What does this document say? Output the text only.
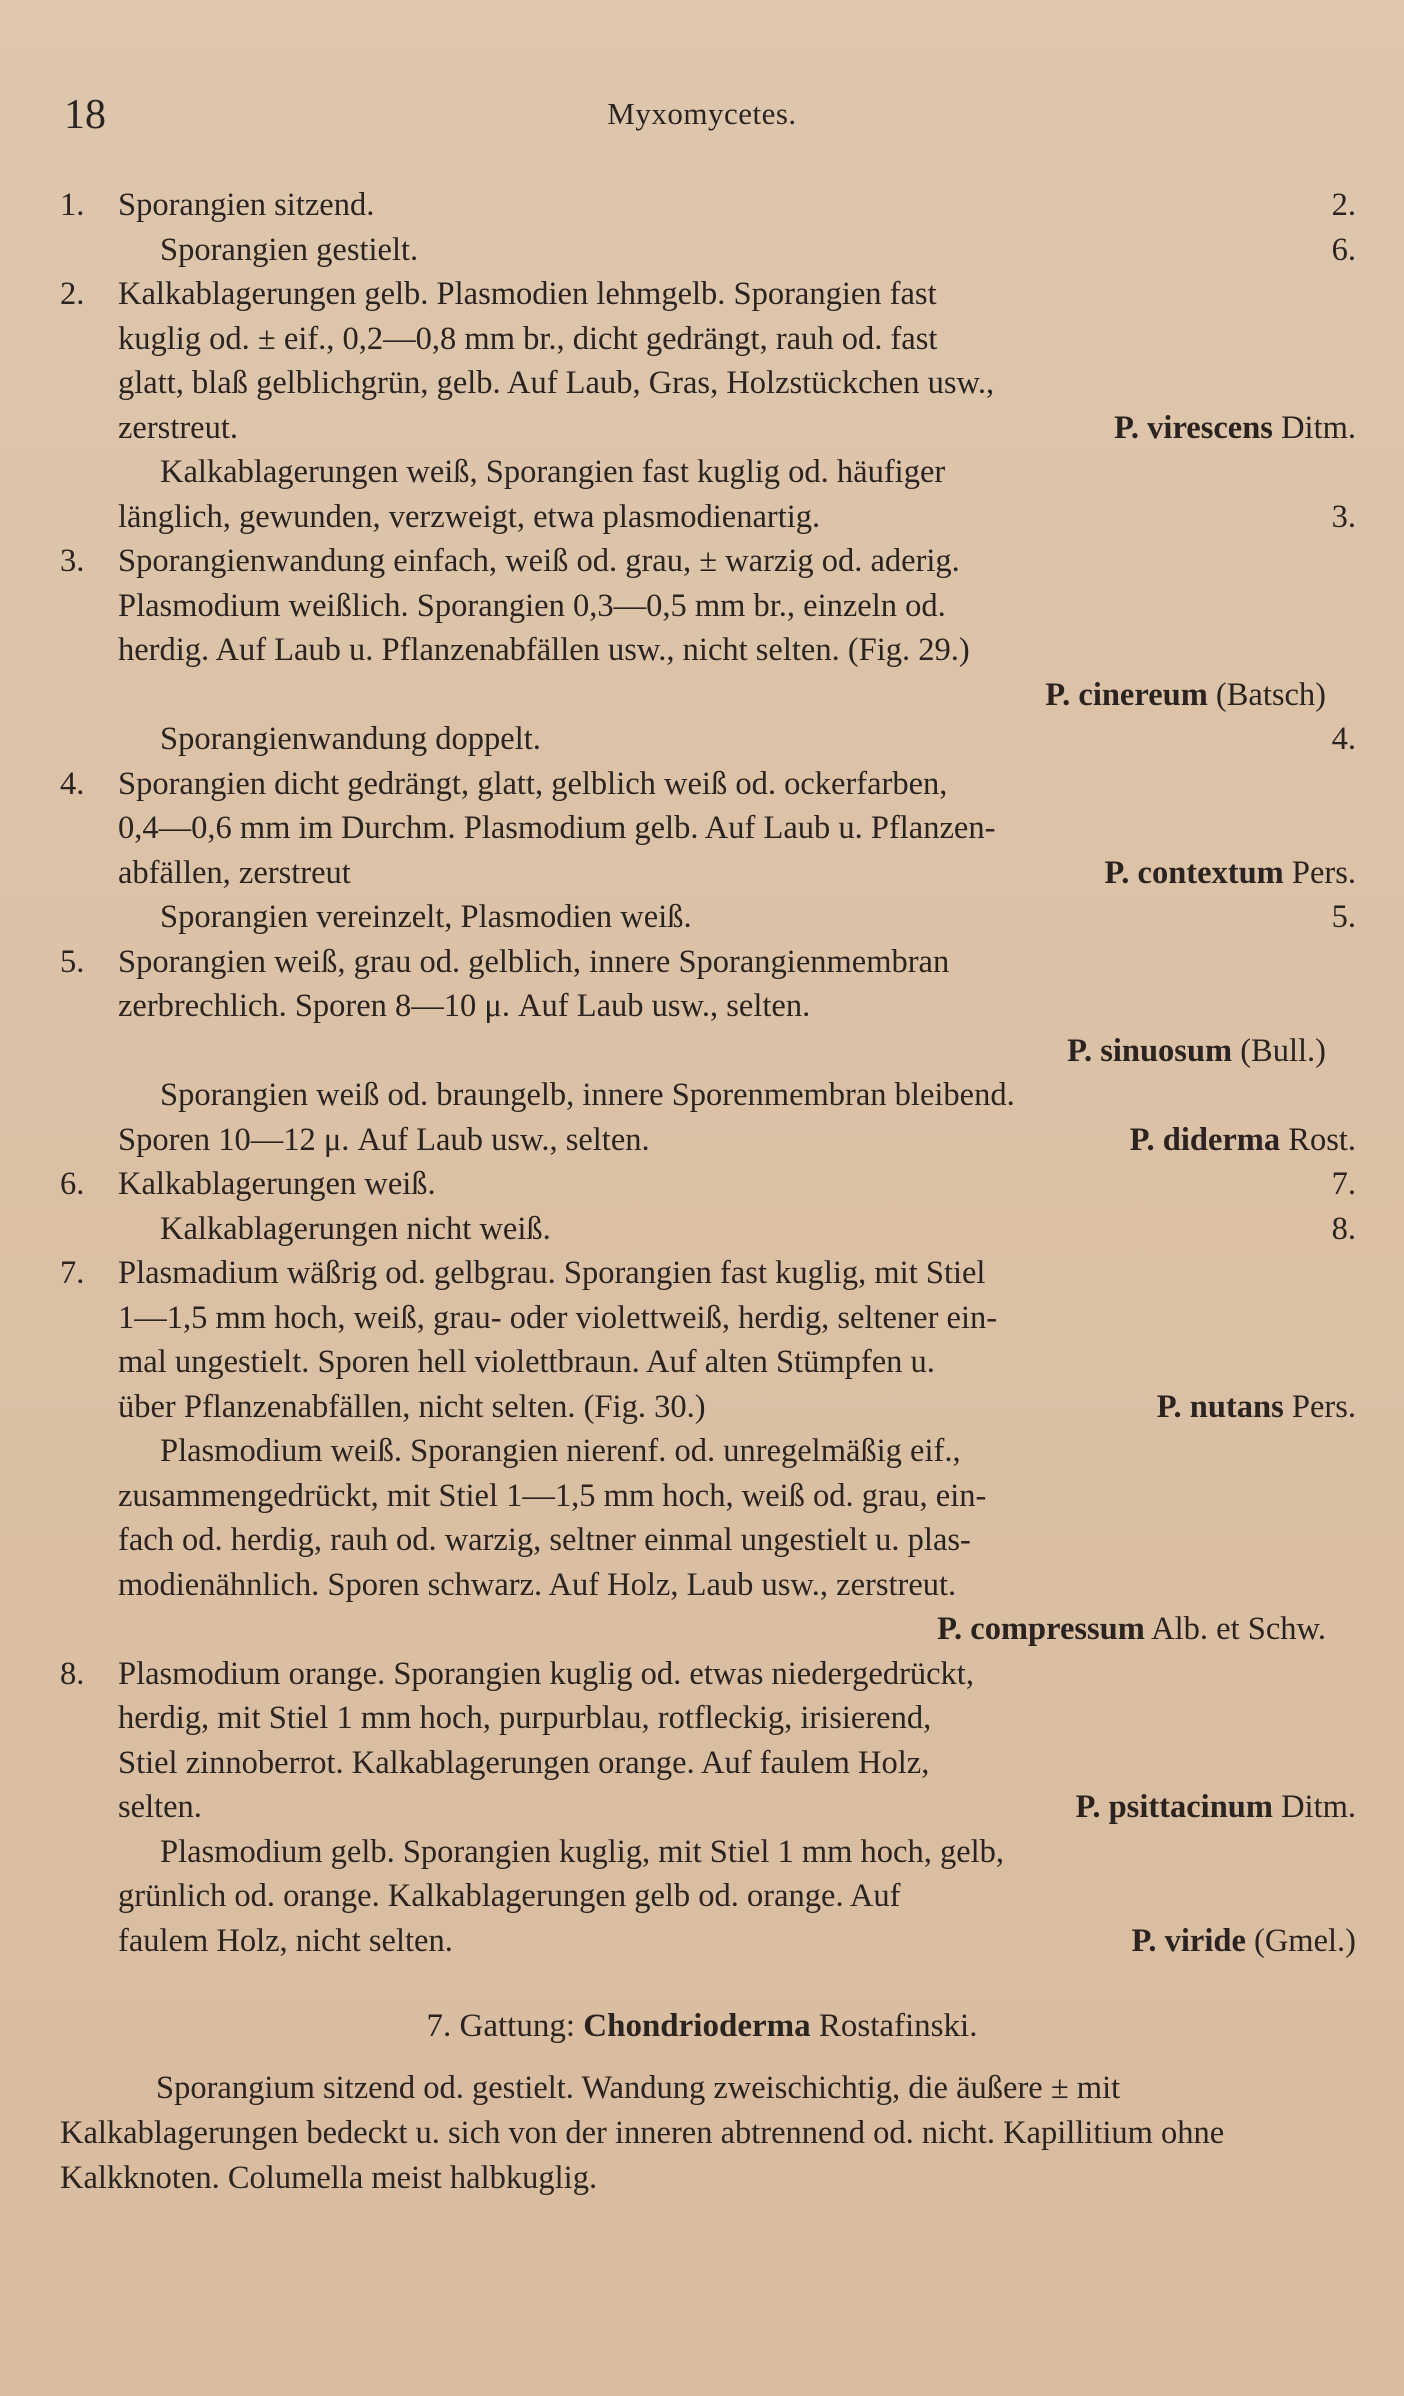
18	Myxomycetes.
1.	Sporangien sitzend.	2.
Sporangien gestielt.	6.
2.	Kalkablagerungen gelb. Plasmodien lehmgelb. Sporangien fast
kuglig od. ± eif., 0,2—0,8 mm br., dicht gedrängt, rauh od. fast
glatt, blaß gelblichgrün, gelb. Auf Laub, Gras, Holzstückchen usw.,
zerstreut.	P. virescens Ditm.
Kalkablagerungen weiß, Sporangien fast kuglig od. häufiger
länglich, gewunden, verzweigt, etwa plasmodienartig.	3.
3.	Sporangienwandung einfach, weiß od. grau, ± warzig od. aderig.
Plasmodium weißlich. Sporangien 0,3—0,5 mm br., einzeln od.
herdig. Auf Laub u. Pflanzenabfällen usw., nicht selten. (Fig. 29.)
P. cinereum (Batsch)
Sporangienwandung doppelt.	4.
4.	Sporangien dicht gedrängt, glatt, gelblich weiß od. ockerfarben,
0,4—0,6 mm im Durchm. Plasmodium gelb. Auf Laub u. Pflanzen-
abfällen, zerstreut	P. contextum Pers.
Sporangien vereinzelt, Plasmodien weiß.	5.
5.	Sporangien weiß, grau od. gelblich, innere Sporangienmembran
zerbrechlich. Sporen 8—10 μ. Auf Laub usw., selten.
P. sinuosum (Bull.)
Sporangien weiß od. braungelb, innere Sporenmembran bleibend.
Sporen 10—12 μ. Auf Laub usw., selten.	P. diderma Rost.
6.	Kalkablagerungen weiß.	7.
Kalkablagerungen nicht weiß.	8.
7.	Plasmadium wäßrig od. gelbgrau. Sporangien fast kuglig, mit Stiel
1—1,5 mm hoch, weiß, grau- oder violettweiß, herdig, seltener ein-
mal ungestielt. Sporen hell violettbraun. Auf alten Stümpfen u.
über Pflanzenabfällen, nicht selten. (Fig. 30.)	P. nutans Pers.
Plasmodium weiß. Sporangien nierenf. od. unregelmäßig eif.,
zusammengedrückt, mit Stiel 1—1,5 mm hoch, weiß od. grau, ein-
fach od. herdig, rauh od. warzig, seltner einmal ungestielt u. plas-
modienähnlich. Sporen schwarz. Auf Holz, Laub usw., zerstreut.
P. compressum Alb. et Schw.
8.	Plasmodium orange. Sporangien kuglig od. etwas niedergedrückt,
herdig, mit Stiel 1 mm hoch, purpurblau, rotfleckig, irisierend,
Stiel zinnoberrot. Kalkablagerungen orange. Auf faulem Holz,
selten.	P. psittacinum Ditm.
Plasmodium gelb. Sporangien kuglig, mit Stiel 1 mm hoch, gelb,
grünlich od. orange. Kalkablagerungen gelb od. orange. Auf
faulem Holz, nicht selten.	P. viride (Gmel.)
7. Gattung: Chondrioderma Rostafinski.
Sporangium sitzend od. gestielt. Wandung zweischichtig, die äußere ± mit Kalkablagerungen bedeckt u. sich von der inneren abtrennend od. nicht. Kapillitium ohne Kalkknoten. Columella meist halbkuglig.
